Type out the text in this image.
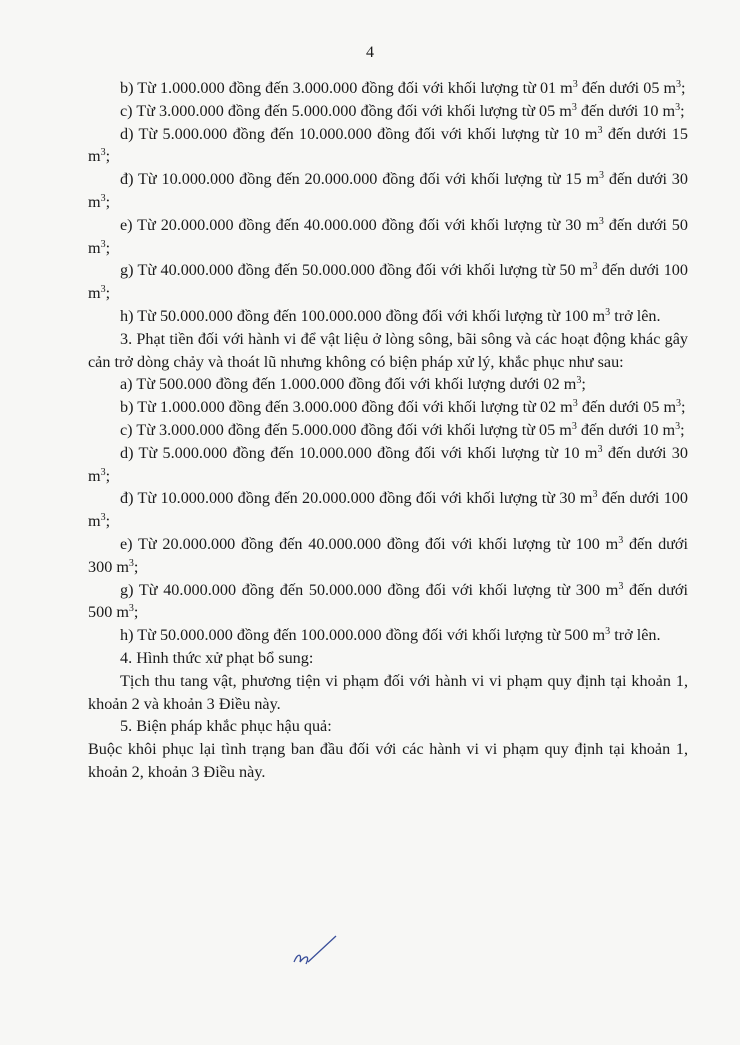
4

b) Từ 1.000.000 đồng đến 3.000.000 đồng đối với khối lượng từ 01 $m^3$ đến dưới 05 $m^3$;

c) Từ 3.000.000 đồng đến 5.000.000 đồng đối với khối lượng từ 05 $m^3$ đến dưới 10 $m^3$;

d) Từ 5.000.000 đồng đến 10.000.000 đồng đối với khối lượng từ 10 $m^3$ đến dưới 15 $m^3$;

đ) Từ 10.000.000 đồng đến 20.000.000 đồng đối với khối lượng từ 15 $m^3$ đến dưới 30 $m^3$;

e) Từ 20.000.000 đồng đến 40.000.000 đồng đối với khối lượng từ 30 $m^3$ đến dưới 50 $m^3$;

g) Từ 40.000.000 đồng đến 50.000.000 đồng đối với khối lượng từ 50 $m^3$ đến dưới 100 $m^3$;

h) Từ 50.000.000 đồng đến 100.000.000 đồng đối với khối lượng từ 100 $m^3$ trở lên.

3. Phạt tiền đối với hành vi để vật liệu ở lòng sông, bãi sông và các hoạt động khác gây cản trở dòng chảy và thoát lũ nhưng không có biện pháp xử lý, khắc phục như sau:

a) Từ 500.000 đồng đến 1.000.000 đồng đối với khối lượng dưới 02 $m^3$;

b) Từ 1.000.000 đồng đến 3.000.000 đồng đối với khối lượng từ 02 $m^3$ đến dưới 05 $m^3$;

c) Từ 3.000.000 đồng đến 5.000.000 đồng đối với khối lượng từ 05 $m^3$ đến dưới 10 $m^3$;

d) Từ 5.000.000 đồng đến 10.000.000 đồng đối với khối lượng từ 10 $m^3$ đến dưới 30 $m^3$;

đ) Từ 10.000.000 đồng đến 20.000.000 đồng đối với khối lượng từ 30 $m^3$ đến dưới 100 $m^3$;

e) Từ 20.000.000 đồng đến 40.000.000 đồng đối với khối lượng từ 100 $m^3$ đến dưới 300 $m^3$;

g) Từ 40.000.000 đồng đến 50.000.000 đồng đối với khối lượng từ 300 $m^3$ đến dưới 500 $m^3$;

h) Từ 50.000.000 đồng đến 100.000.000 đồng đối với khối lượng từ 500 $m^3$ trở lên.

4. Hình thức xử phạt bổ sung:

Tịch thu tang vật, phương tiện vi phạm đối với hành vi vi phạm quy định tại khoản 1, khoản 2 và khoản 3 Điều này.

5. Biện pháp khắc phục hậu quả:

Buộc khôi phục lại tình trạng ban đầu đối với các hành vi vi phạm quy định tại khoản 1, khoản 2, khoản 3 Điều này.
